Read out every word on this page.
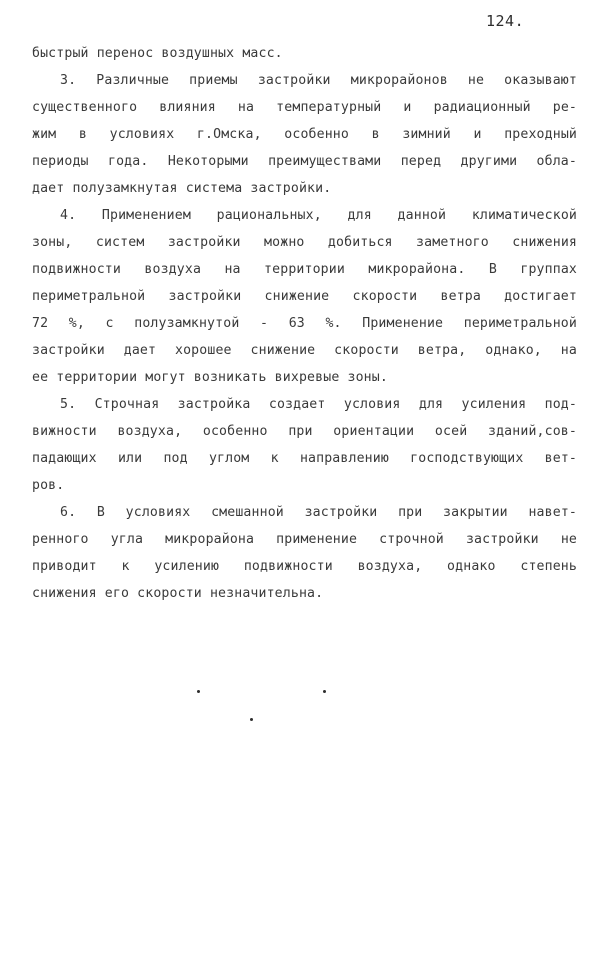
124.
быстрый перенос воздушных масс.
3. Различные приемы застройки микрорайонов не оказывают
существенного влияния на температурный и радиационный ре-
жим в условиях г.Омска, особенно в зимний и преходный
периоды года. Некоторыми преимуществами перед другими обла-
дает полузамкнутая система застройки.
4. Применением рациональных, для данной климатической
зоны, систем застройки можно добиться заметного снижения
подвижности воздуха на территории микрорайона. В группах
периметральной застройки снижение скорости ветра достигает
72 %, с полузамкнутой - 63 %. Применение периметральной
застройки дает хорошее снижение скорости ветра, однако, на
ее территории могут возникать вихревые зоны.
5. Строчная застройка создает условия для усиления под-
вижности воздуха, особенно при ориентации осей зданий,сов-
падающих или под углом к направлению господствующих вет-
ров.
6. В условиях смешанной застройки при закрытии навет-
ренного угла микрорайона применение строчной застройки не
приводит к усилению подвижности воздуха, однако степень
снижения его скорости незначительна.
